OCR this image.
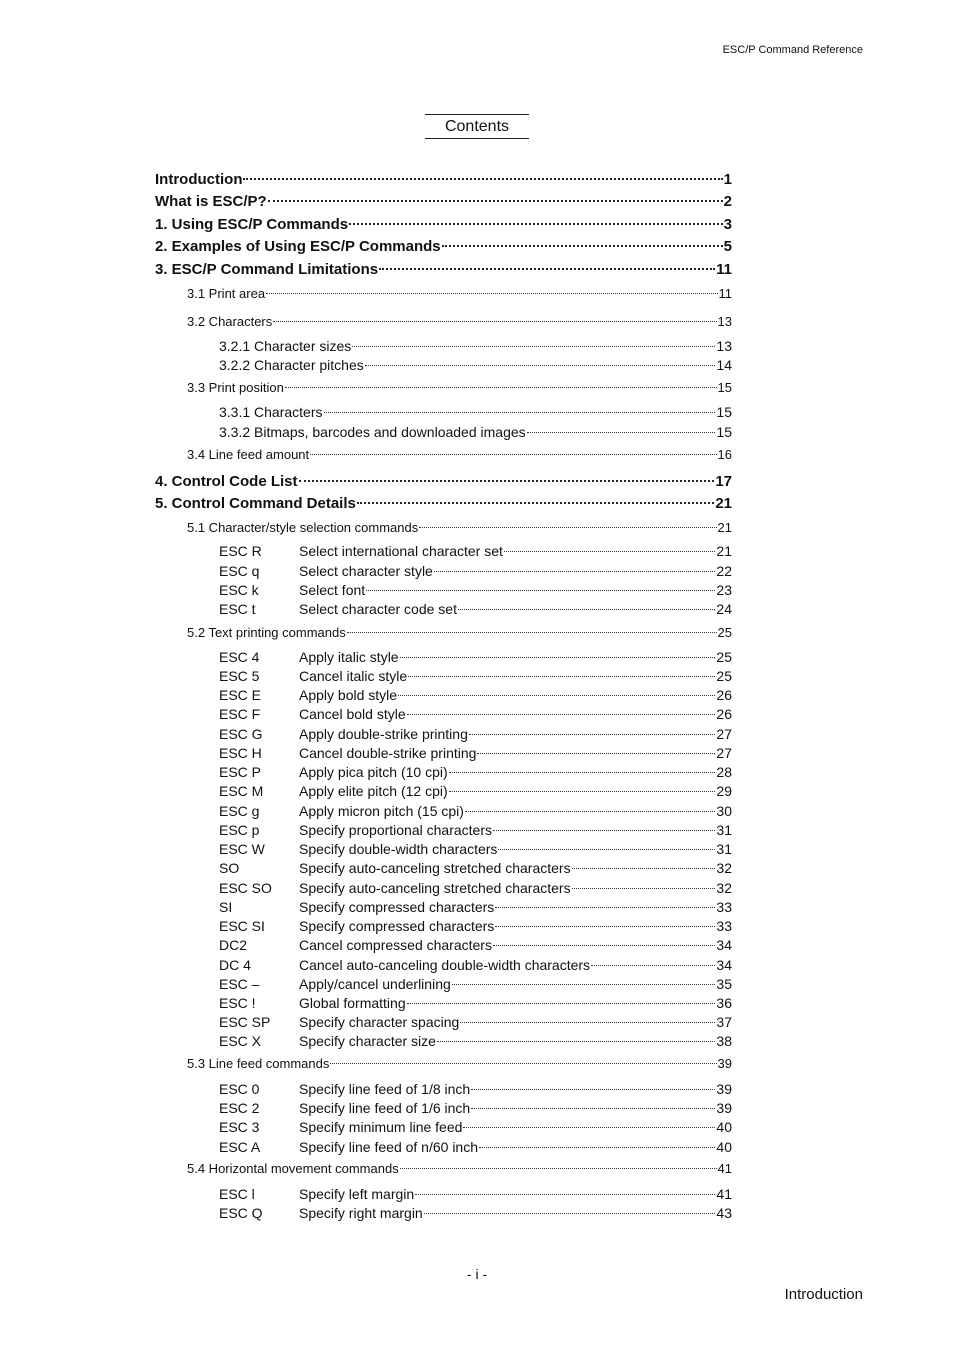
ESC/P Command Reference
Contents
Introduction	1
What is ESC/P?	2
1. Using ESC/P Commands	3
2. Examples of Using ESC/P Commands	5
3. ESC/P Command Limitations	11
3.1 Print area	11
3.2 Characters	13
3.2.1 Character sizes	13
3.2.2 Character pitches	14
3.3 Print position	15
3.3.1 Characters	15
3.3.2 Bitmaps, barcodes and downloaded images	15
3.4 Line feed amount	16
4. Control Code List	17
5. Control Command Details	21
5.1 Character/style selection commands	21
ESC R	Select international character set	21
ESC q	Select character style	22
ESC k	Select font	23
ESC t	Select character code set	24
5.2 Text printing commands	25
ESC 4	Apply italic style	25
ESC 5	Cancel italic style	25
ESC E	Apply bold style	26
ESC F	Cancel bold style	26
ESC G	Apply double-strike printing	27
ESC H	Cancel double-strike printing	27
ESC P	Apply pica pitch (10 cpi)	28
ESC M	Apply elite pitch (12 cpi)	29
ESC g	Apply micron pitch (15 cpi)	30
ESC p	Specify proportional characters	31
ESC W	Specify double-width characters	31
SO	Specify auto-canceling stretched characters	32
ESC SO	Specify auto-canceling stretched characters	32
SI	Specify compressed characters	33
ESC SI	Specify compressed characters	33
DC2	Cancel compressed characters	34
DC 4	Cancel auto-canceling double-width characters	34
ESC –	Apply/cancel underlining	35
ESC !	Global formatting	36
ESC SP	Specify character spacing	37
ESC X	Specify character size	38
5.3 Line feed commands	39
ESC 0	Specify line feed of 1/8 inch	39
ESC 2	Specify line feed of 1/6 inch	39
ESC 3	Specify minimum line feed	40
ESC A	Specify line feed of n/60 inch	40
5.4 Horizontal movement commands	41
ESC l	Specify left margin	41
ESC Q	Specify right margin	43
- i -
Introduction
